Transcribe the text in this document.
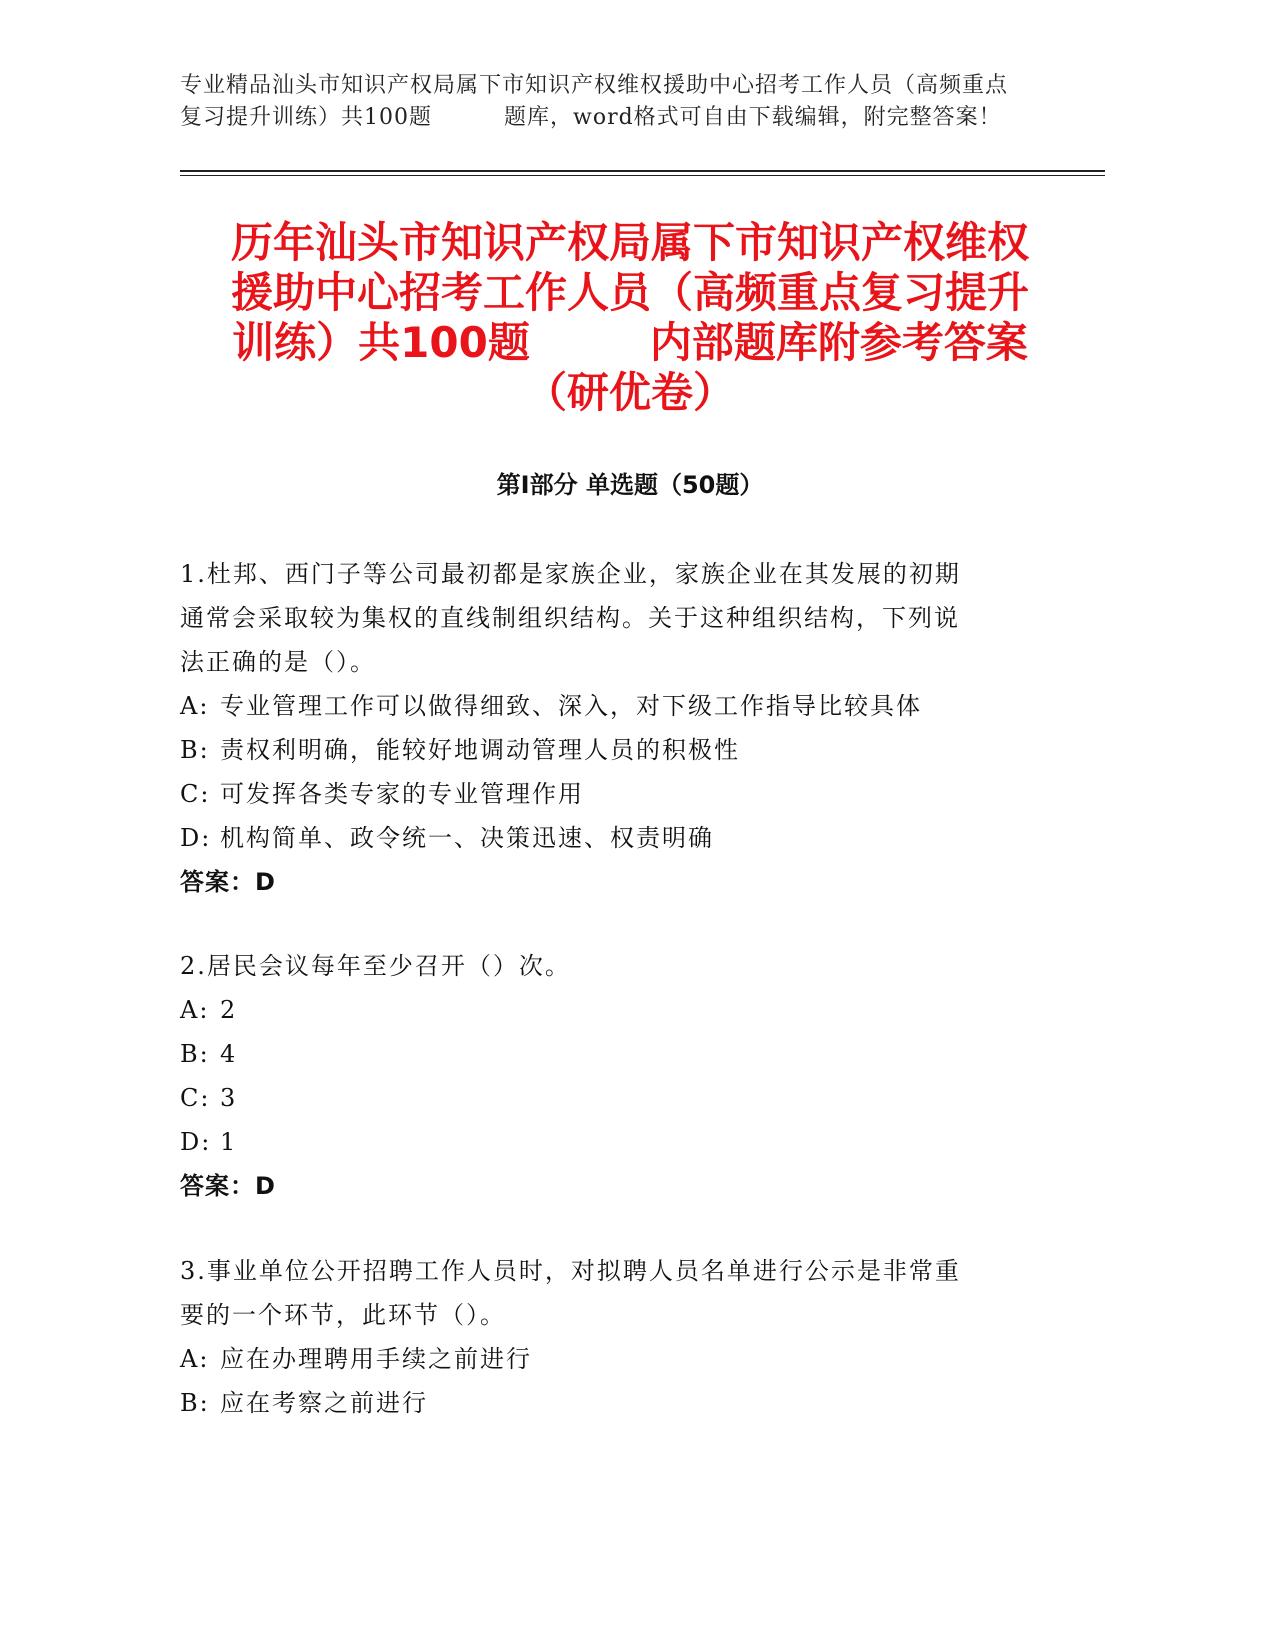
专业精品汕头市知识产权局属下市知识产权维权援助中心招考工作人员（高频重点
复习提升训练）共100题	题库，word格式可自由下载编辑，附完整答案！
历年汕头市知识产权局属下市知识产权维权
援助中心招考工作人员（高频重点复习提升
训练）共100题	内部题库附参考答案
（研优卷）
第Ⅰ部分 单选题（50题）

1.杜邦、西门子等公司最初都是家族企业，家族企业在其发展的初期
通常会采取较为集权的直线制组织结构。关于这种组织结构，下列说
法正确的是（）。

A: 专业管理工作可以做得细致、深入，对下级工作指导比较具体

B: 责权利明确，能较好地调动管理人员的积极性

C: 可发挥各类专家的专业管理作用

D: 机构简单、政令统一、决策迅速、权责明确

答案：D

2.居民会议每年至少召开（）次。

A: 2

B: 4

C: 3

D: 1

答案：D

3.事业单位公开招聘工作人员时，对拟聘人员名单进行公示是非常重
要的一个环节，此环节（）。

A: 应在办理聘用手续之前进行

B: 应在考察之前进行
